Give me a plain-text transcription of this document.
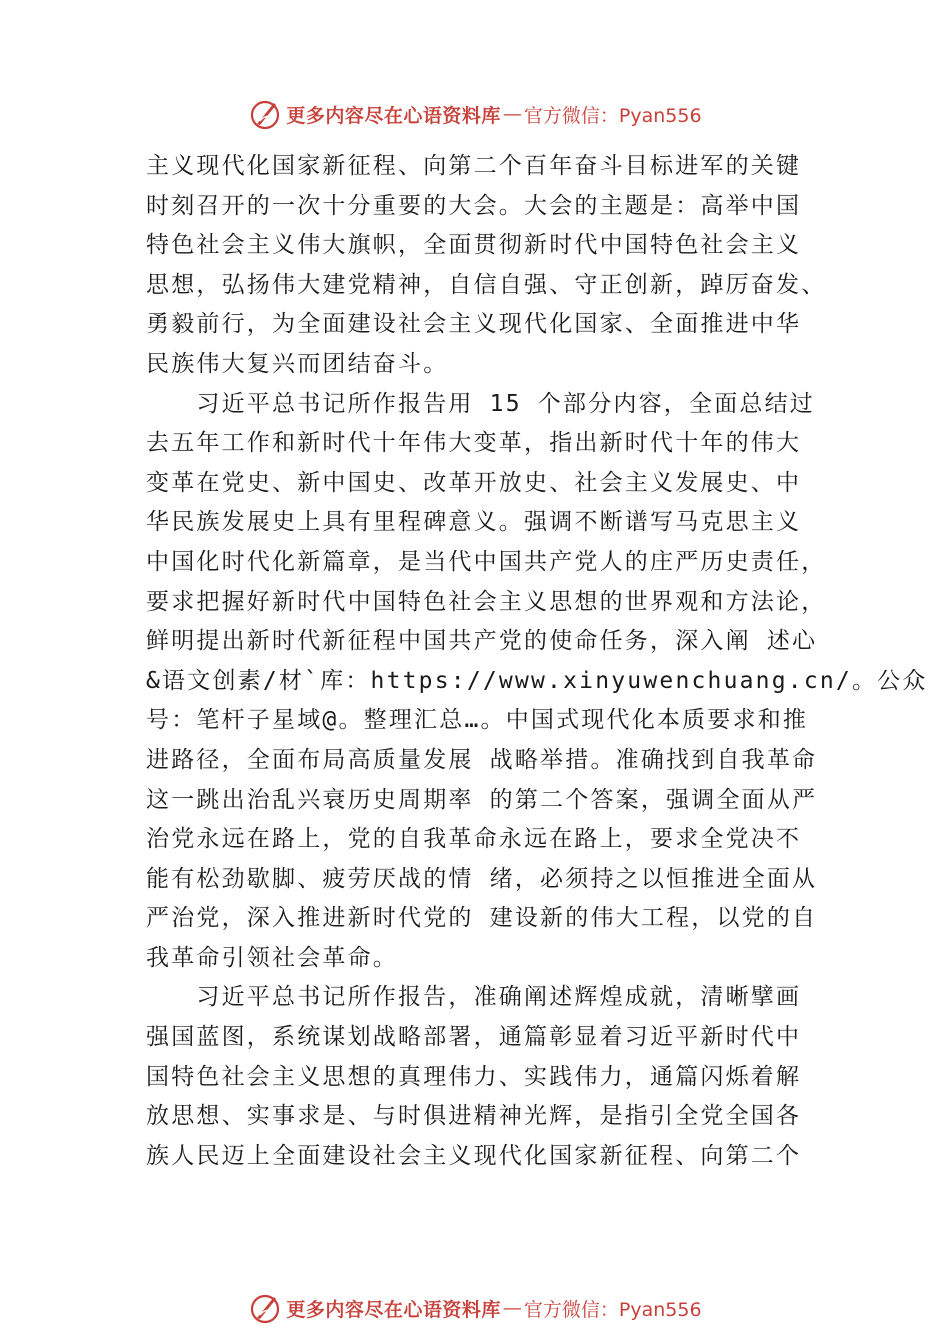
更多内容尽在心语资料库 — 官方微信：Pyan556
主义现代化国家新征程、向第二个百年奋斗目标进军的关键
时刻召开的一次十分重要的大会。大会的主题是：高举中国
特色社会主义伟大旗帜，全面贯彻新时代中国特色社会主义
思想，弘扬伟大建党精神，自信自强、守正创新，踔厉奋发、
勇毅前行，为全面建设社会主义现代化国家、全面推进中华
民族伟大复兴而团结奋斗。
　　习近平总书记所作报告用 15 个部分内容，全面总结过
去五年工作和新时代十年伟大变革，指出新时代十年的伟大
变革在党史、新中国史、改革开放史、社会主义发展史、中
华民族发展史上具有里程碑意义。强调不断谱写马克思主义
中国化时代化新篇章，是当代中国共产党人的庄严历史责任，
要求把握好新时代中国特色社会主义思想的世界观和方法论，
鲜明提出新时代新征程中国共产党的使命任务，深入阐 述心
&语文创素/材`库：https://www.xinyuwenchuang.cn/。公众
号：笔杆子星域@。整理汇总…。中国式现代化本质要求和推
进路径，全面布局高质量发展 战略举措。准确找到自我革命
这一跳出治乱兴衰历史周期率 的第二个答案，强调全面从严
治党永远在路上，党的自我革命永远在路上，要求全党决不
能有松劲歇脚、疲劳厌战的情 绪，必须持之以恒推进全面从
严治党，深入推进新时代党的 建设新的伟大工程，以党的自
我革命引领社会革命。
　　习近平总书记所作报告，准确阐述辉煌成就，清晰擘画
强国蓝图，系统谋划战略部署，通篇彰显着习近平新时代中
国特色社会主义思想的真理伟力、实践伟力，通篇闪烁着解
放思想、实事求是、与时俱进精神光辉，是指引全党全国各
族人民迈上全面建设社会主义现代化国家新征程、向第二个
更多内容尽在心语资料库 — 官方微信：Pyan556
